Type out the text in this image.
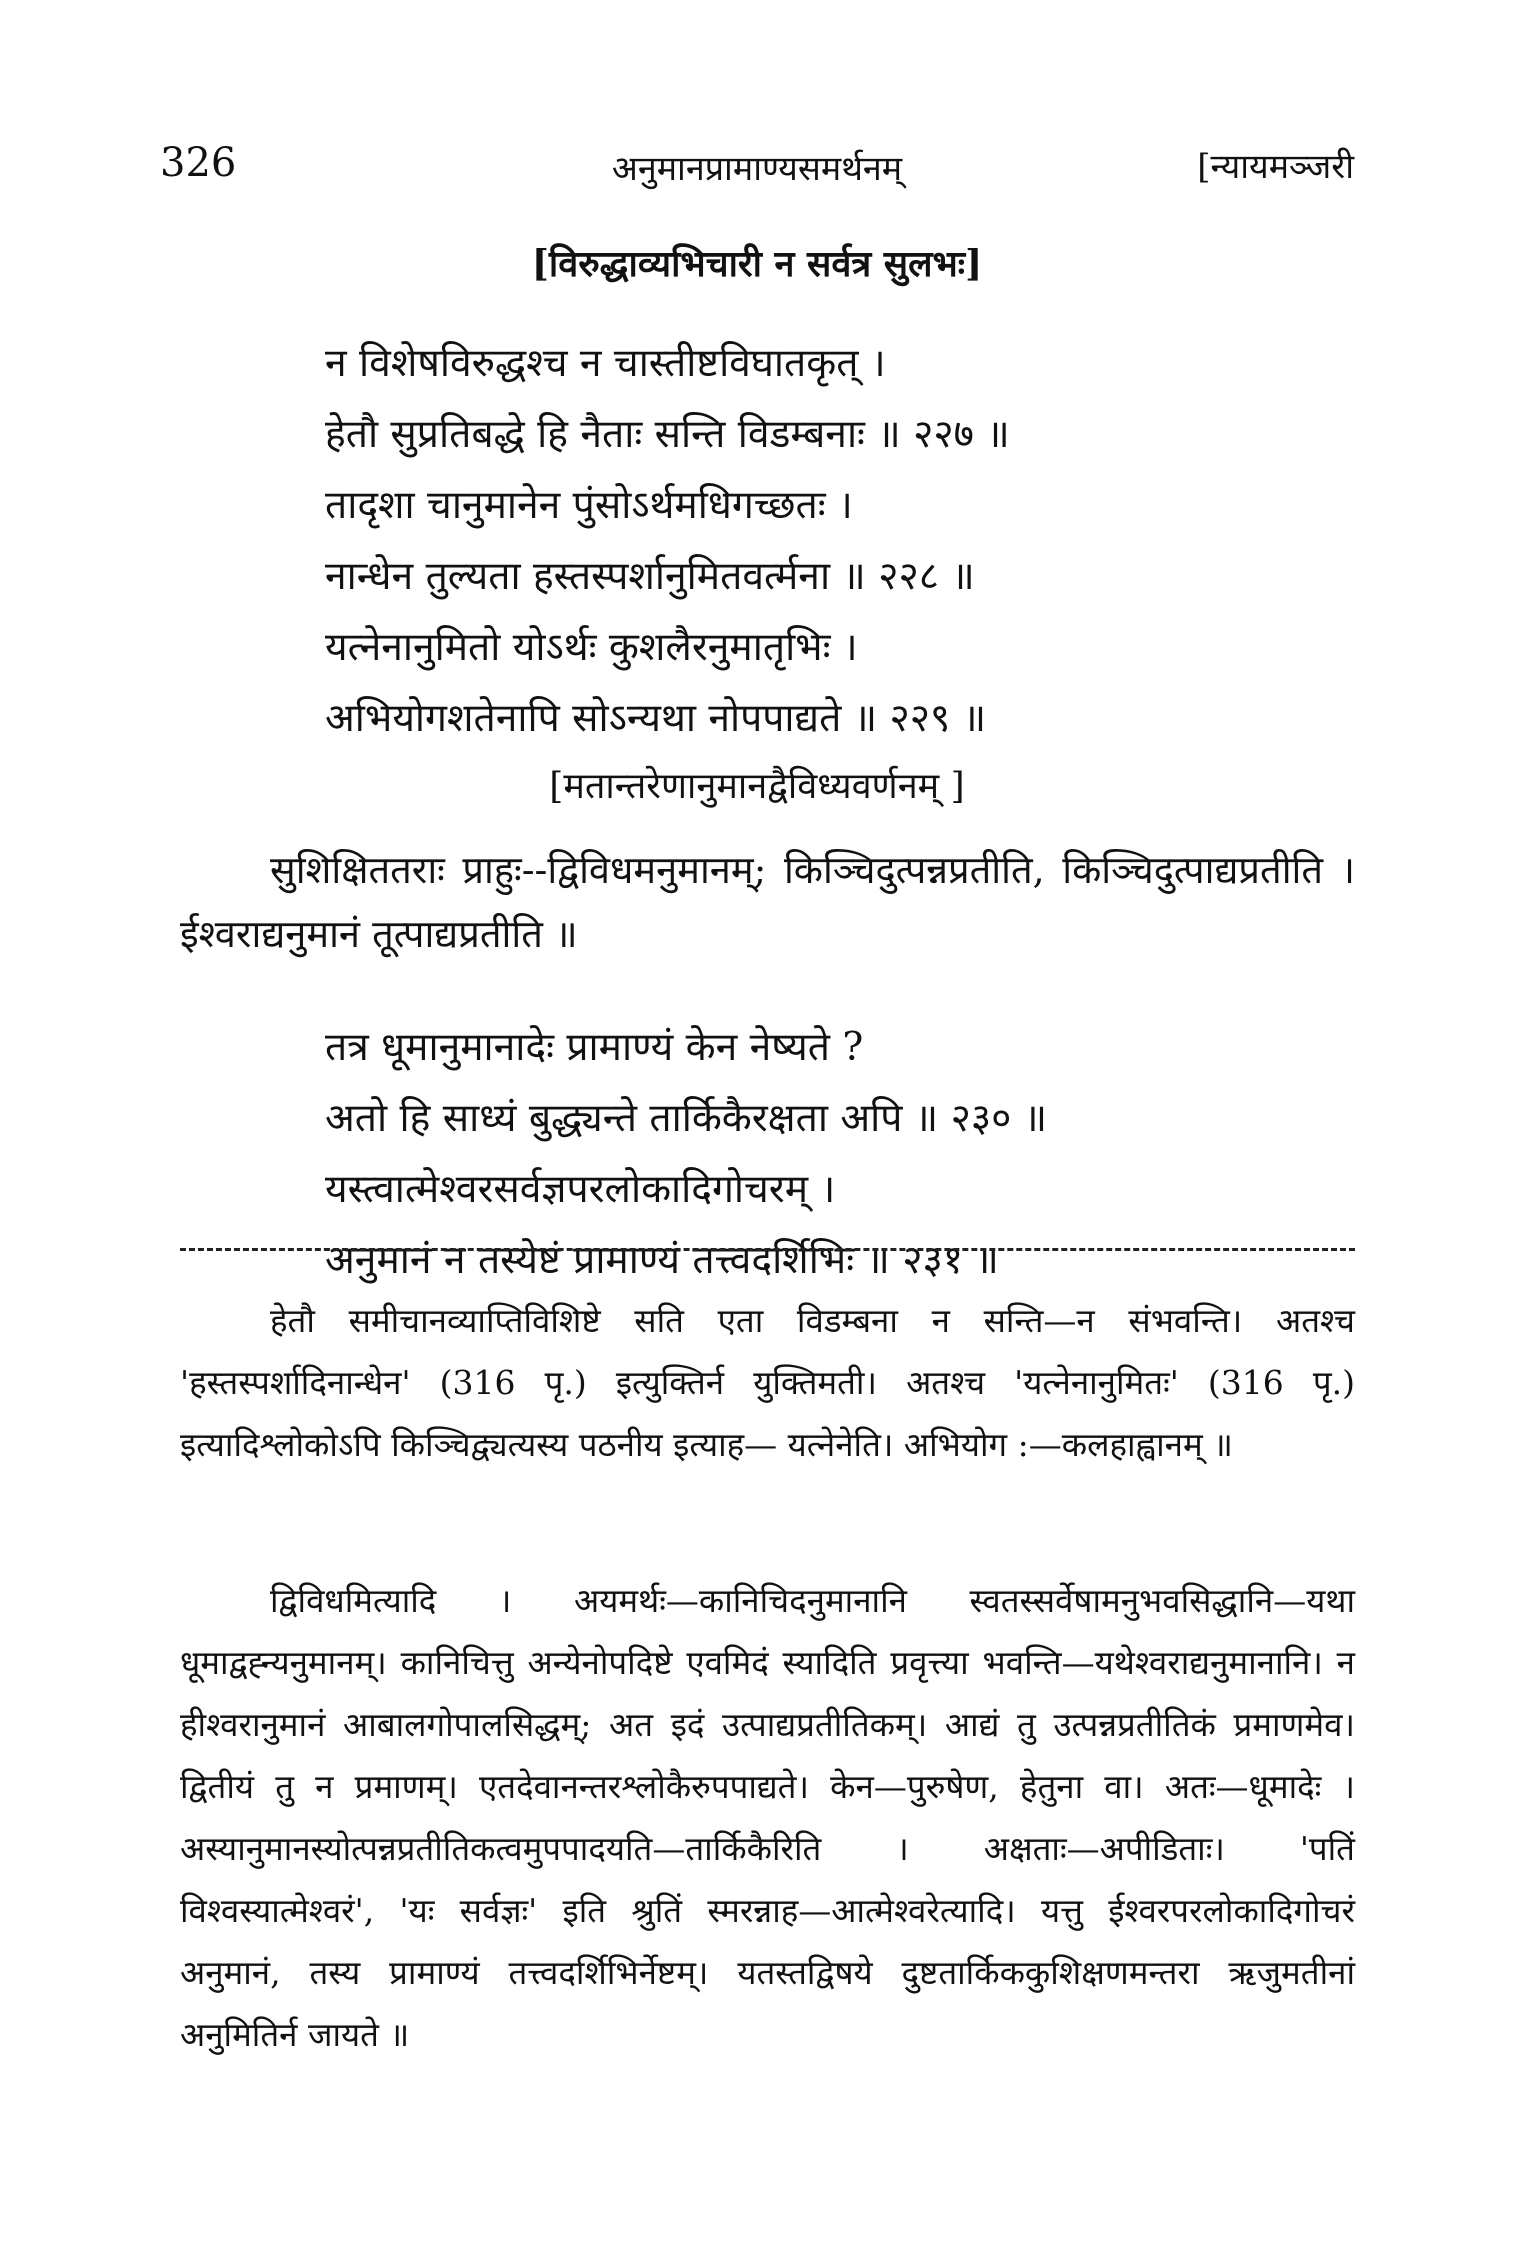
326	अनुमानप्रामाण्यसमर्थनम्	[न्यायमञ्जरी
[विरुद्धाव्यभिचारी न सर्वत्र सुलभः]
न विशेषविरुद्धश्च न चास्तीष्टविघातकृत् ।
हेतौ सुप्रतिबद्धे हि नैताः सन्ति विडम्बनाः ॥ २२७ ॥
तादृशा चानुमानेन पुंसोऽर्थमधिगच्छतः ।
नान्धेन तुल्यता हस्तस्पर्शानुमितवर्त्मना ॥ २२८ ॥
यत्नेनानुमितो योऽर्थः कुशलैरनुमातृभिः ।
अभियोगशतेनापि सोऽन्यथा नोपपाद्यते ॥ २२९ ॥
[मतान्तरेणानुमानद्वैविध्यवर्णनम् ]
सुशिक्षिततराः प्राहुः--द्विविधमनुमानम्; किञ्चिदुत्पन्नप्रतीति, किञ्चिदुत्पाद्यप्रतीति । ईश्वराद्यनुमानं तूत्पाद्यप्रतीति ॥
तत्र धूमानुमानादेः प्रामाण्यं केन नेष्यते ?
अतो हि साध्यं बुद्ध्यन्ते तार्किकैरक्षता अपि ॥ २३० ॥
यस्त्वात्मेश्वरसर्वज्ञपरलोकादिगोचरम् ।
अनुमानं न तस्येष्टं प्रामाण्यं तत्त्वदर्शिभिः ॥ २३१ ॥
हेतौ समीचानव्याप्तिविशिष्टे सति एता विडम्बना न सन्ति—न संभवन्ति। अतश्च 'हस्तस्पर्शादिनान्धेन' (316 पृ.) इत्युक्तिर्न युक्तिमती। अतश्च 'यत्नेनानुमितः' (316 पृ.) इत्यादिश्लोकोऽपि किञ्चिद्व्यत्यस्य पठनीय इत्याह— यत्नेनेति। अभियोग :—कलहाह्वानम् ॥
द्विविधमित्यादि । अयमर्थः—कानिचिदनुमानानि स्वतस्सर्वेषामनुभवसिद्धानि—यथा धूमाद्वह्न्यनुमानम्। कानिचित्तु अन्येनोपदिष्टे एवमिदं स्यादिति प्रवृत्त्या भवन्ति—यथेश्वराद्यनुमानानि। न हीश्वरानुमानं आबालगोपालसिद्धम्; अत इदं उत्पाद्यप्रतीतिकम्। आद्यं तु उत्पन्नप्रतीतिकं प्रमाणमेव। द्वितीयं तु न प्रमाणम्। एतदेवानन्तरश्लोकैरुपपाद्यते। केन—पुरुषेण, हेतुना वा। अतः—धूमादेः । अस्यानुमानस्योत्पन्नप्रतीतिकत्वमुपपादयति—तार्किकैरिति । अक्षताः—अपीडिताः। 'पतिं विश्वस्यात्मेश्वरं', 'यः सर्वज्ञः' इति श्रुतिं स्मरन्नाह—आत्मेश्वरेत्यादि। यत्तु ईश्वरपरलोकादिगोचरं अनुमानं, तस्य प्रामाण्यं तत्त्वदर्शिभिर्नेष्टम्। यतस्तद्विषये दुष्टतार्किककुशिक्षणमन्तरा ऋजुमतीनां अनुमितिर्न जायते ॥
